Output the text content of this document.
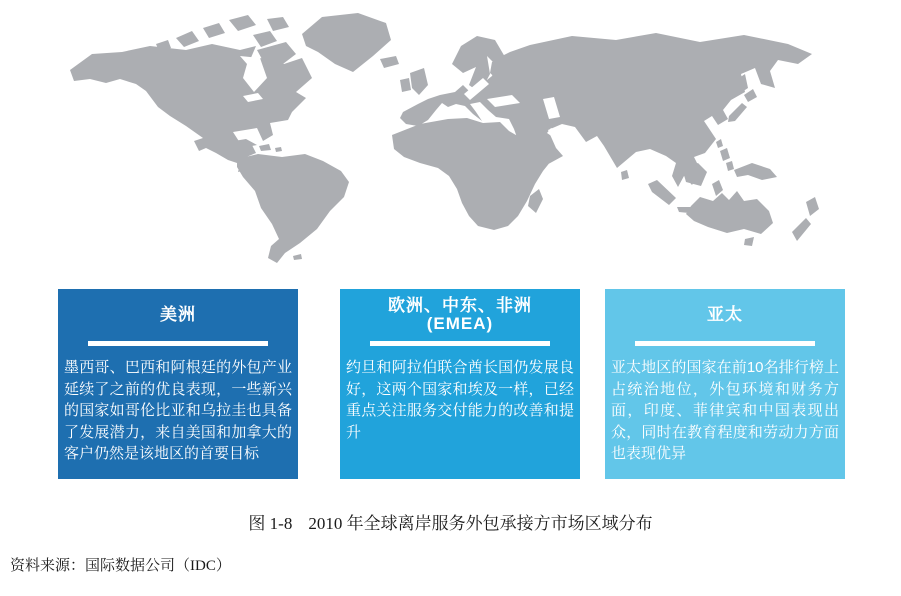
美洲
墨西哥、巴西和阿根廷的外包产业延续了之前的优良表现，一些新兴的国家如哥伦比亚和乌拉圭也具备了发展潜力，来自美国和加拿大的客户仍然是该地区的首要目标
欧洲、中东、非洲
(EMEA)
约旦和阿拉伯联合酋长国仍发展良好，这两个国家和埃及一样，已经重点关注服务交付能力的改善和提升
亚太
亚太地区的国家在前10名排行榜上占统治地位，外包环境和财务方面，印度、菲律宾和中国表现出众，同时在教育程度和劳动力方面也表现优异
图 1-8 2010 年全球离岸服务外包承接方市场区域分布
资料来源：国际数据公司（IDC）
